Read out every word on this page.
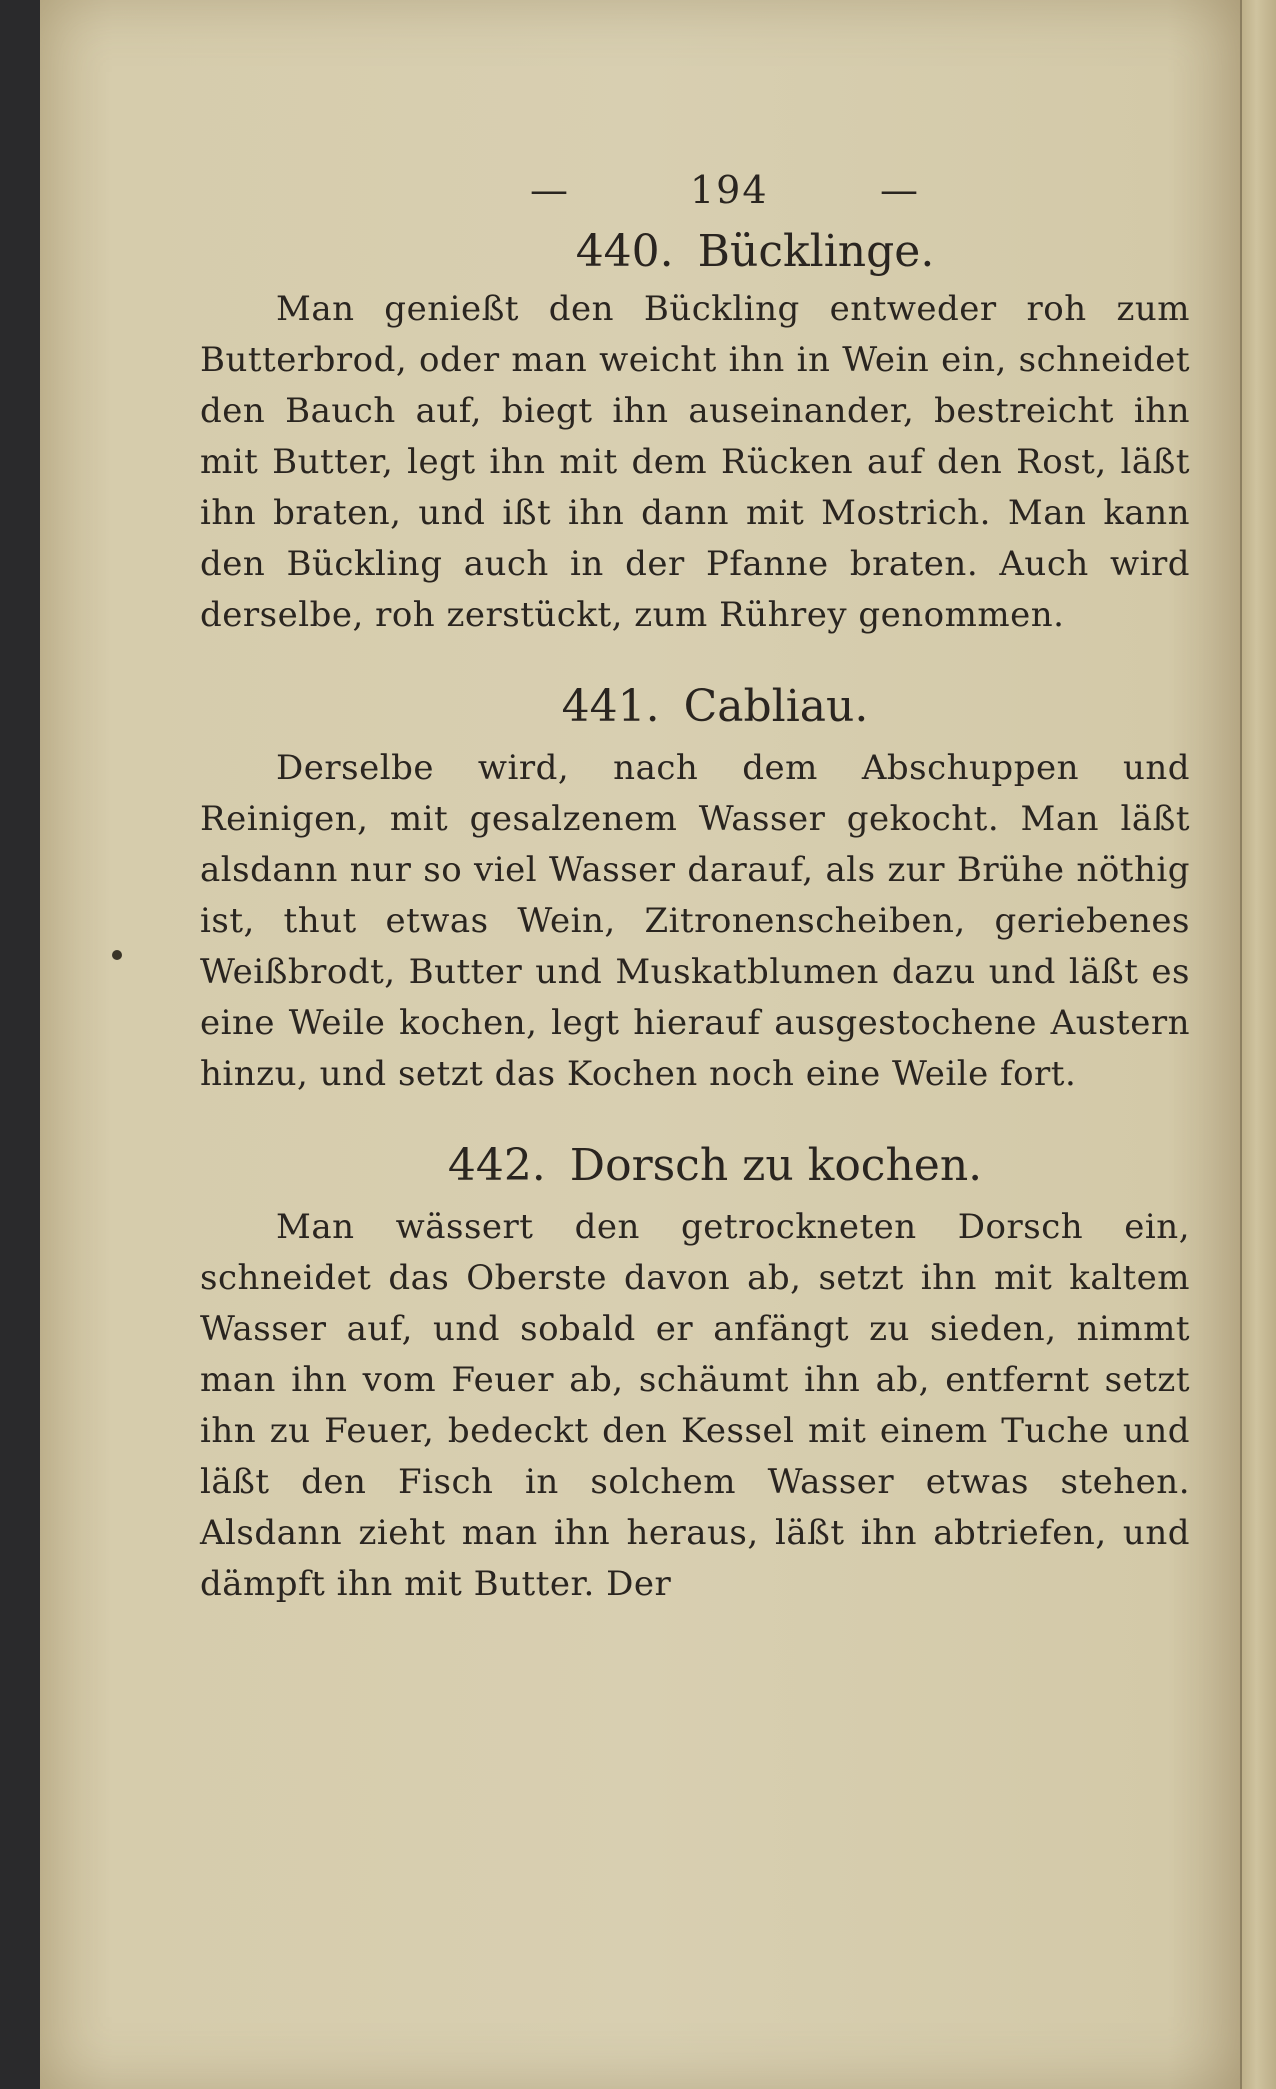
—	194	—
440. Bücklinge.

Man genießt den Bückling entweder roh zum Butterbrod, oder man weicht ihn in Wein ein, schneidet den Bauch auf, biegt ihn auseinander, bestreicht ihn mit Butter, legt ihn mit dem Rücken auf den Rost, läßt ihn braten, und ißt ihn dann mit Mostrich. Man kann den Bückling auch in der Pfanne braten. Auch wird derselbe, roh zerstückt, zum Rührey genommen.

441. Cabliau.

Derselbe wird, nach dem Abschuppen und Reinigen, mit gesalzenem Wasser gekocht. Man läßt alsdann nur so viel Wasser darauf, als zur Brühe nöthig ist, thut etwas Wein, Zitronenscheiben, geriebenes Weißbrodt, Butter und Muskatblumen dazu und läßt es eine Weile kochen, legt hierauf ausgestochene Austern hinzu, und setzt das Kochen noch eine Weile fort.

442. Dorsch zu kochen.

Man wässert den getrockneten Dorsch ein, schneidet das Oberste davon ab, setzt ihn mit kaltem Wasser auf, und sobald er anfängt zu sieden, nimmt man ihn vom Feuer ab, schäumt ihn ab, entfernt setzt ihn zu Feuer, bedeckt den Kessel mit einem Tuche und läßt den Fisch in solchem Wasser etwas stehen. Alsdann zieht man ihn heraus, läßt ihn abtriefen, und dämpft ihn mit Butter. Der
